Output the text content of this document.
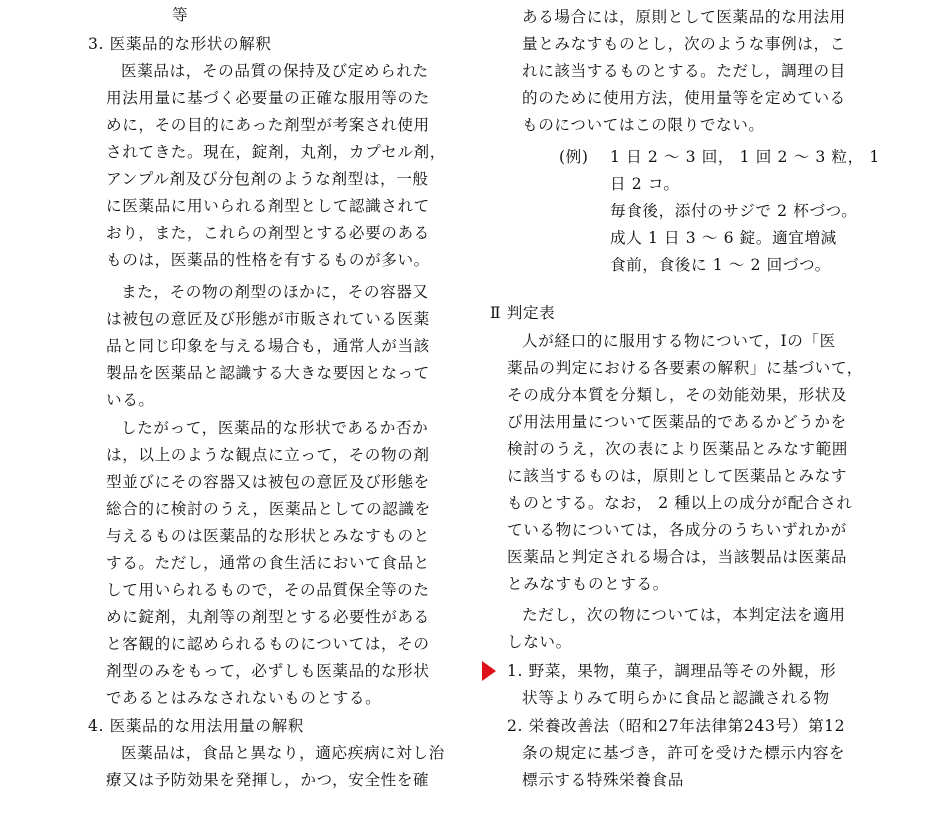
等
3. 医薬品的な形状の解釈
医薬品は，その品質の保持及び定められた
用法用量に基づく必要量の正確な服用等のた
めに，その目的にあった剤型が考案され使用
されてきた。現在，錠剤，丸剤，カプセル剤，
アンプル剤及び分包剤のような剤型は，一般
に医薬品に用いられる剤型として認識されて
おり，また，これらの剤型とする必要のある
ものは，医薬品的性格を有するものが多い。
また，その物の剤型のほかに，その容器又
は被包の意匠及び形態が市販されている医薬
品と同じ印象を与える場合も，通常人が当該
製品を医薬品と認識する大きな要因となって
いる。
したがって，医薬品的な形状であるか否か
は，以上のような観点に立って，その物の剤
型並びにその容器又は被包の意匠及び形態を
総合的に検討のうえ，医薬品としての認識を
与えるものは医薬品的な形状とみなすものと
する。ただし，通常の食生活において食品と
して用いられるもので，その品質保全等のた
めに錠剤，丸剤等の剤型とする必要性がある
と客観的に認められるものについては，その
剤型のみをもって，必ずしも医薬品的な形状
であるとはみなされないものとする。
4. 医薬品的な用法用量の解釈
医薬品は，食品と異なり，適応疾病に対し治
療又は予防効果を発揮し，かつ，安全性を確
ある場合には，原則として医薬品的な用法用
量とみなすものとし，次のような事例は，こ
れに該当するものとする。ただし，調理の目
的のために使用方法，使用量等を定めている
ものについてはこの限りでない。
(例) 1 日 2 ～ 3 回， 1 回 2 ～ 3 粒， 1
日 2 コ。
毎食後，添付のサジで 2 杯づつ。
成人 1 日 3 ～ 6 錠。適宜増減
食前，食後に 1 ～ 2 回づつ。
Ⅱ 判定表
人が経口的に服用する物について，Ⅰの「医
薬品の判定における各要素の解釈」に基づいて，
その成分本質を分類し，その効能効果，形状及
び用法用量について医薬品的であるかどうかを
検討のうえ，次の表により医薬品とみなす範囲
に該当するものは，原則として医薬品とみなす
ものとする。なお， 2 種以上の成分が配合され
ている物については，各成分のうちいずれかが
医薬品と判定される場合は，当該製品は医薬品
とみなすものとする。
ただし，次の物については，本判定法を適用
しない。
1. 野菜，果物，菓子，調理品等その外観，形
状等よりみて明らかに食品と認識される物
2. 栄養改善法（昭和27年法律第243号）第12
条の規定に基づき，許可を受けた標示内容を
標示する特殊栄養食品
